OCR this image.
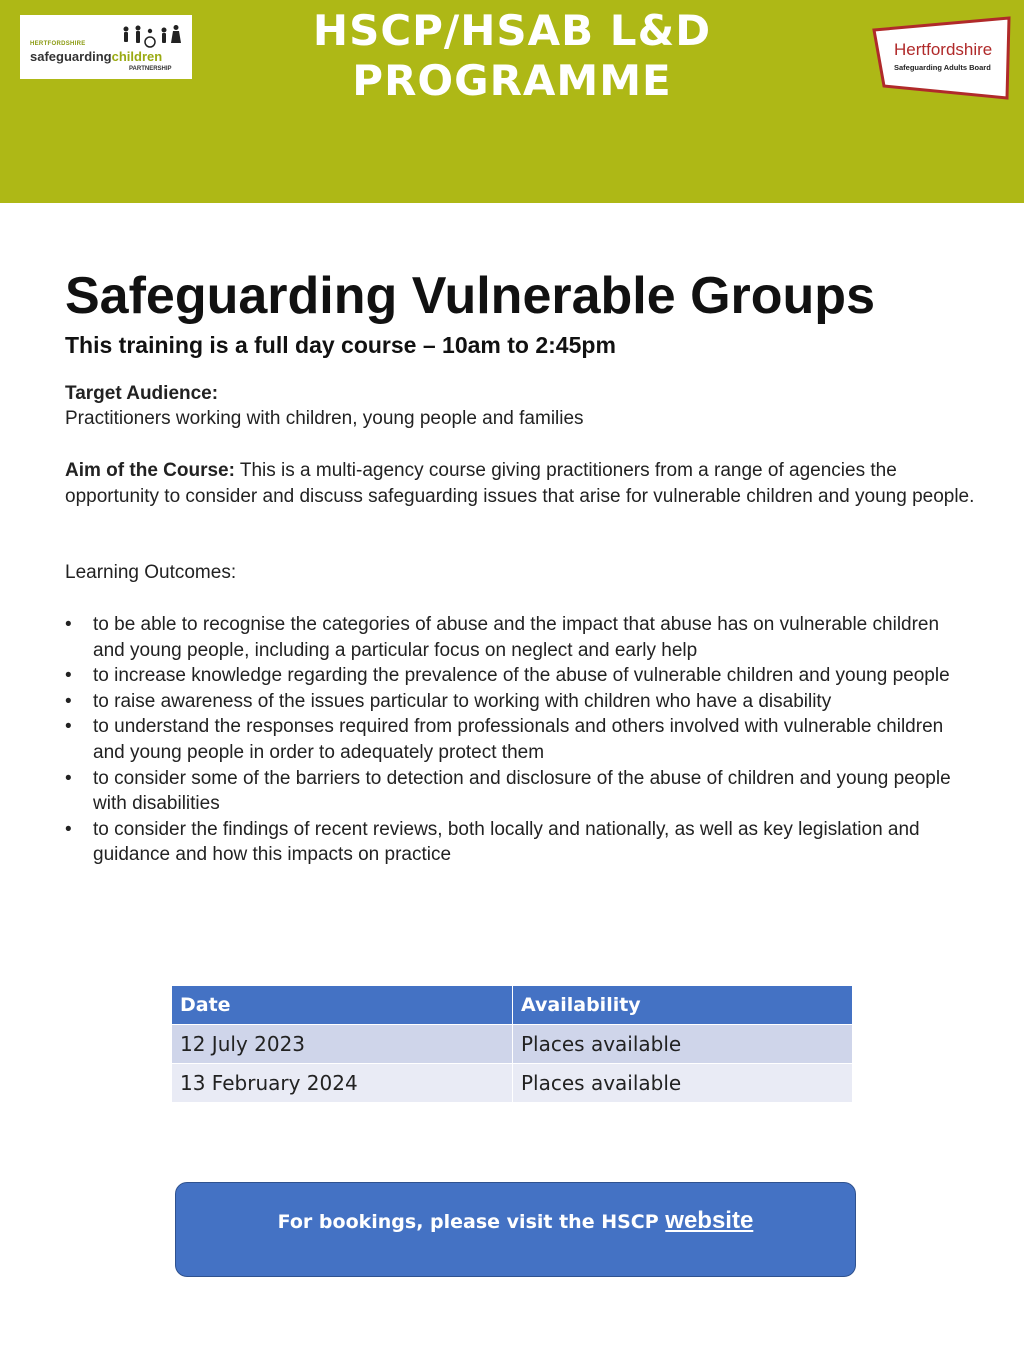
HERTFORDSHIRE
safeguardingchildren
PARTNERSHIP
HSCP/HSAB L&D
PROGRAMME
Hertfordshire
Safeguarding Adults Board
Safeguarding Vulnerable Groups
This training is a full day course – 10am to 2:45pm
Target Audience:
Practitioners working with children, young people and families
Aim of the Course: This is a multi-agency course giving practitioners from a range of agencies the opportunity to consider and discuss safeguarding issues that arise for vulnerable children and young people.
Learning Outcomes:
• to be able to recognise the categories of abuse and the impact that abuse has on vulnerable children and young people, including a particular focus on neglect and early help
• to increase knowledge regarding the prevalence of the abuse of vulnerable children and young people
• to raise awareness of the issues particular to working with children who have a disability
• to understand the responses required from professionals and others involved with vulnerable children and young people in order to adequately protect them
• to consider some of the barriers to detection and disclosure of the abuse of children and young people with disabilities
• to consider the findings of recent reviews, both locally and nationally, as well as key legislation and guidance and how this impacts on practice
Date	Availability
12 July 2023	Places available
13 February 2024	Places available
For bookings, please visit the HSCP website
